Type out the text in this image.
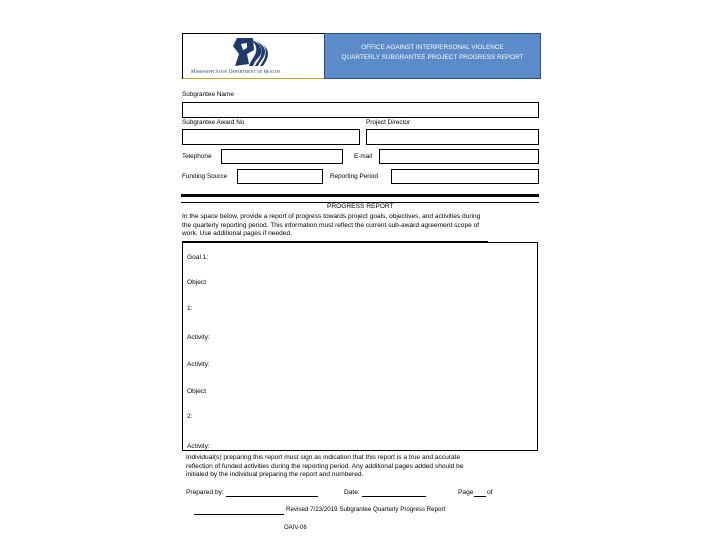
Mississippi State Department of Health
OFFICE AGAINST INTERPERSONAL VIOLENCE
QUARTERLY SUBGRANTEE PROJECT PROGRESS REPORT
Subgrantee Name
Subgrantee Award No	Project Director
Telephone	E-mail
Funding Source	Reporting Period
PROGRESS REPORT
In the space below, provide a report of progress towards project goals, objectives, and activities during
the quarterly reporting period. This information must reflect the current sub-award agreement scope of
work. Use additional pages if needed.
Goal 1:
Object
1:
Activity:
Activity:
Object
2:
Activity:
Individual(s) preparing this report must sign as indication that this report is a true and accurate
reflection of funded activities during the reporting period. Any additional pages added should be
initialed by the individual preparing the report and numbered.
Prepared by:	Date:	Page of
Revised 7/23/2019 Subgrantee Quarterly Progress Report
OAIV-06
